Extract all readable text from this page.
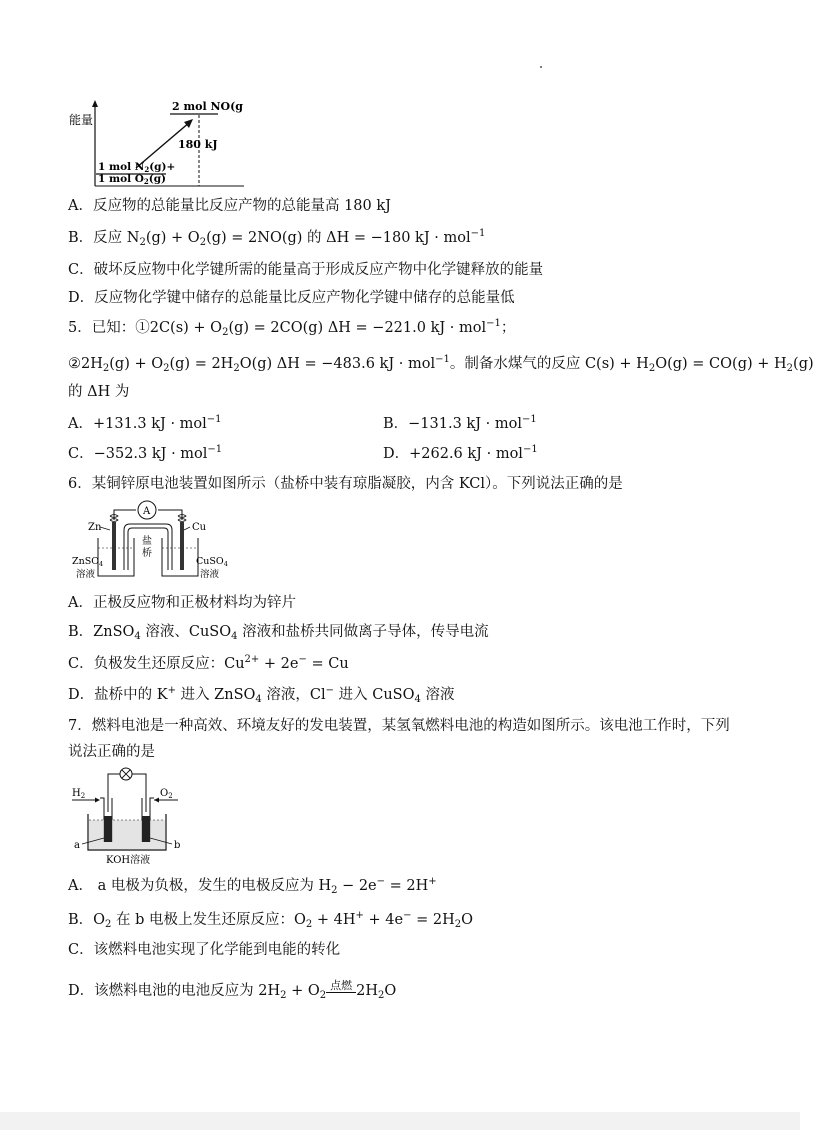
能量
2 mol NO(g
180 kJ
1 mol N2(g)+
1 mol O2(g)
A．反应物的总能量比反应产物的总能量高 180 kJ
B．反应 $N_2(g) + O_2(g) = 2NO(g)$ 的 ΔH = −180 kJ · mol$^{-1}$
C．破坏反应物中化学键所需的能量高于形成反应产物中化学键释放的能量
D．反应物化学键中储存的总能量比反应产物化学键中储存的总能量低
5．已知：①2C(s) + $O_2(g) = 2CO(g) \Delta H = -221.0$ kJ · mol$^{-1}$；
$②2H_2(g) + O_2(g) = 2H_2O(g) \Delta H = -483.6$ kJ · mol$^{-1}$。制备水煤气的反应 $C(s) + H_2O(g) = CO(g) + H_2(g)$
的 ΔH 为
A．+131.3 kJ · mol$^{-1}$	B．−131.3 kJ · mol$^{-1}$
C．−352.3 kJ · mol$^{-1}$	D．+262.6 kJ · mol$^{-1}$
6．某铜锌原电池装置如图所示（盐桥中装有琼脂凝胶，内含 KCl）。下列说法正确的是
A
Zn	Cu
盐
桥
ZnSO$_4$
溶液
CuSO$_4$
溶液
A．正极反应物和正极材料均为锌片
B．ZnSO$_4$ 溶液、CuSO$_4$ 溶液和盐桥共同做离子导体，传导电流
C．负极发生还原反应：$Cu^{2+} + 2e^- = Cu$
D．盐桥中的 K+ 进入 ZnSO$_4$ 溶液，Cl− 进入 CuSO$_4$ 溶液
7．燃料电池是一种高效、环境友好的发电装置，某氢氧燃料电池的构造如图所示。该电池工作时，下列
说法正确的是
H2	O2
a	b
KOH溶液
A． a 电极为负极，发生的电极反应为 $H_2 - 2e^- = 2H^+$
B．$O_2$ 在 b 电极上发生还原反应：$O_2 + 4H^+ + 4e^- = 2H_2O$
C．该燃料电池实现了化学能到电能的转化
D．该燃料电池的电池反应为 $2H_2 + O_2$
点燃 $2H_2O$
